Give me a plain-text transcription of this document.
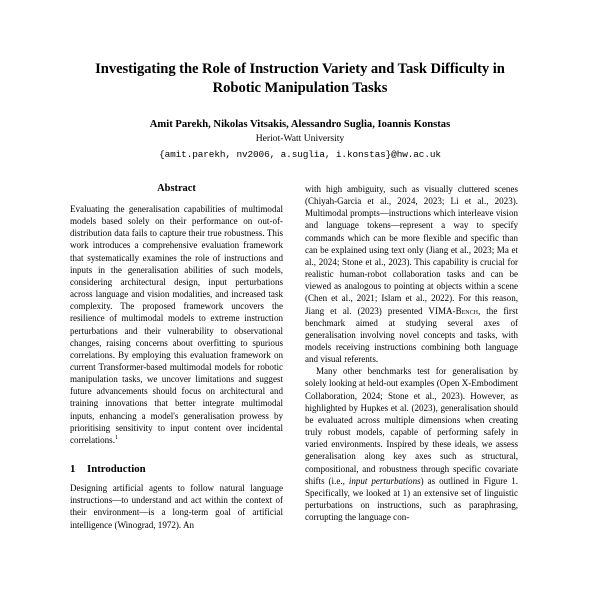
Investigating the Role of Instruction Variety and Task Difficulty in Robotic Manipulation Tasks
Amit Parekh, Nikolas Vitsakis, Alessandro Suglia, Ioannis Konstas
Heriot-Watt University
{amit.parekh, nv2006, a.suglia, i.konstas}@hw.ac.uk
Abstract

Evaluating the generalisation capabilities of multimodal models based solely on their performance on out-of-distribution data fails to capture their true robustness. This work introduces a comprehensive evaluation framework that systematically examines the role of instructions and inputs in the generalisation abilities of such models, considering architectural design, input perturbations across language and vision modalities, and increased task complexity. The proposed framework uncovers the resilience of multimodal models to extreme instruction perturbations and their vulnerability to observational changes, raising concerns about overfitting to spurious correlations. By employing this evaluation framework on current Transformer-based multimodal models for robotic manipulation tasks, we uncover limitations and suggest future advancements should focus on architectural and training innovations that better integrate multimodal inputs, enhancing a model's generalisation prowess by prioritising sensitivity to input content over incidental correlations.$^1$

1 Introduction

Designing artificial agents to follow natural language instructions—to understand and act within the context of their environment—is a long-term goal of artificial intelligence (Winograd, 1972). An

with high ambiguity, such as visually cluttered scenes (Chiyah-Garcia et al., 2024, 2023; Li et al., 2023). Multimodal prompts—instructions which interleave vision and language tokens—represent a way to specify commands which can be more flexible and specific than can be explained using text only (Jiang et al., 2023; Ma et al., 2024; Stone et al., 2023). This capability is crucial for realistic human-robot collaboration tasks and can be viewed as analogous to pointing at objects within a scene (Chen et al., 2021; Islam et al., 2022). For this reason, Jiang et al. (2023) presented VIMA-Bench, the first benchmark aimed at studying several axes of generalisation involving novel concepts and tasks, with models receiving instructions combining both language and visual referents.

Many other benchmarks test for generalisation by solely looking at held-out examples (Open X-Embodiment Collaboration, 2024; Stone et al., 2023). However, as highlighted by Hupkes et al. (2023), generalisation should be evaluated across multiple dimensions when creating truly robust models, capable of performing safely in varied environments. Inspired by these ideals, we assess generalisation along key axes such as structural, compositional, and robustness through specific covariate shifts (i.e., input perturbations) as outlined in Figure 1. Specifically, we looked at 1) an extensive set of linguistic perturbations on instructions, such as paraphrasing, corrupting the language con-
